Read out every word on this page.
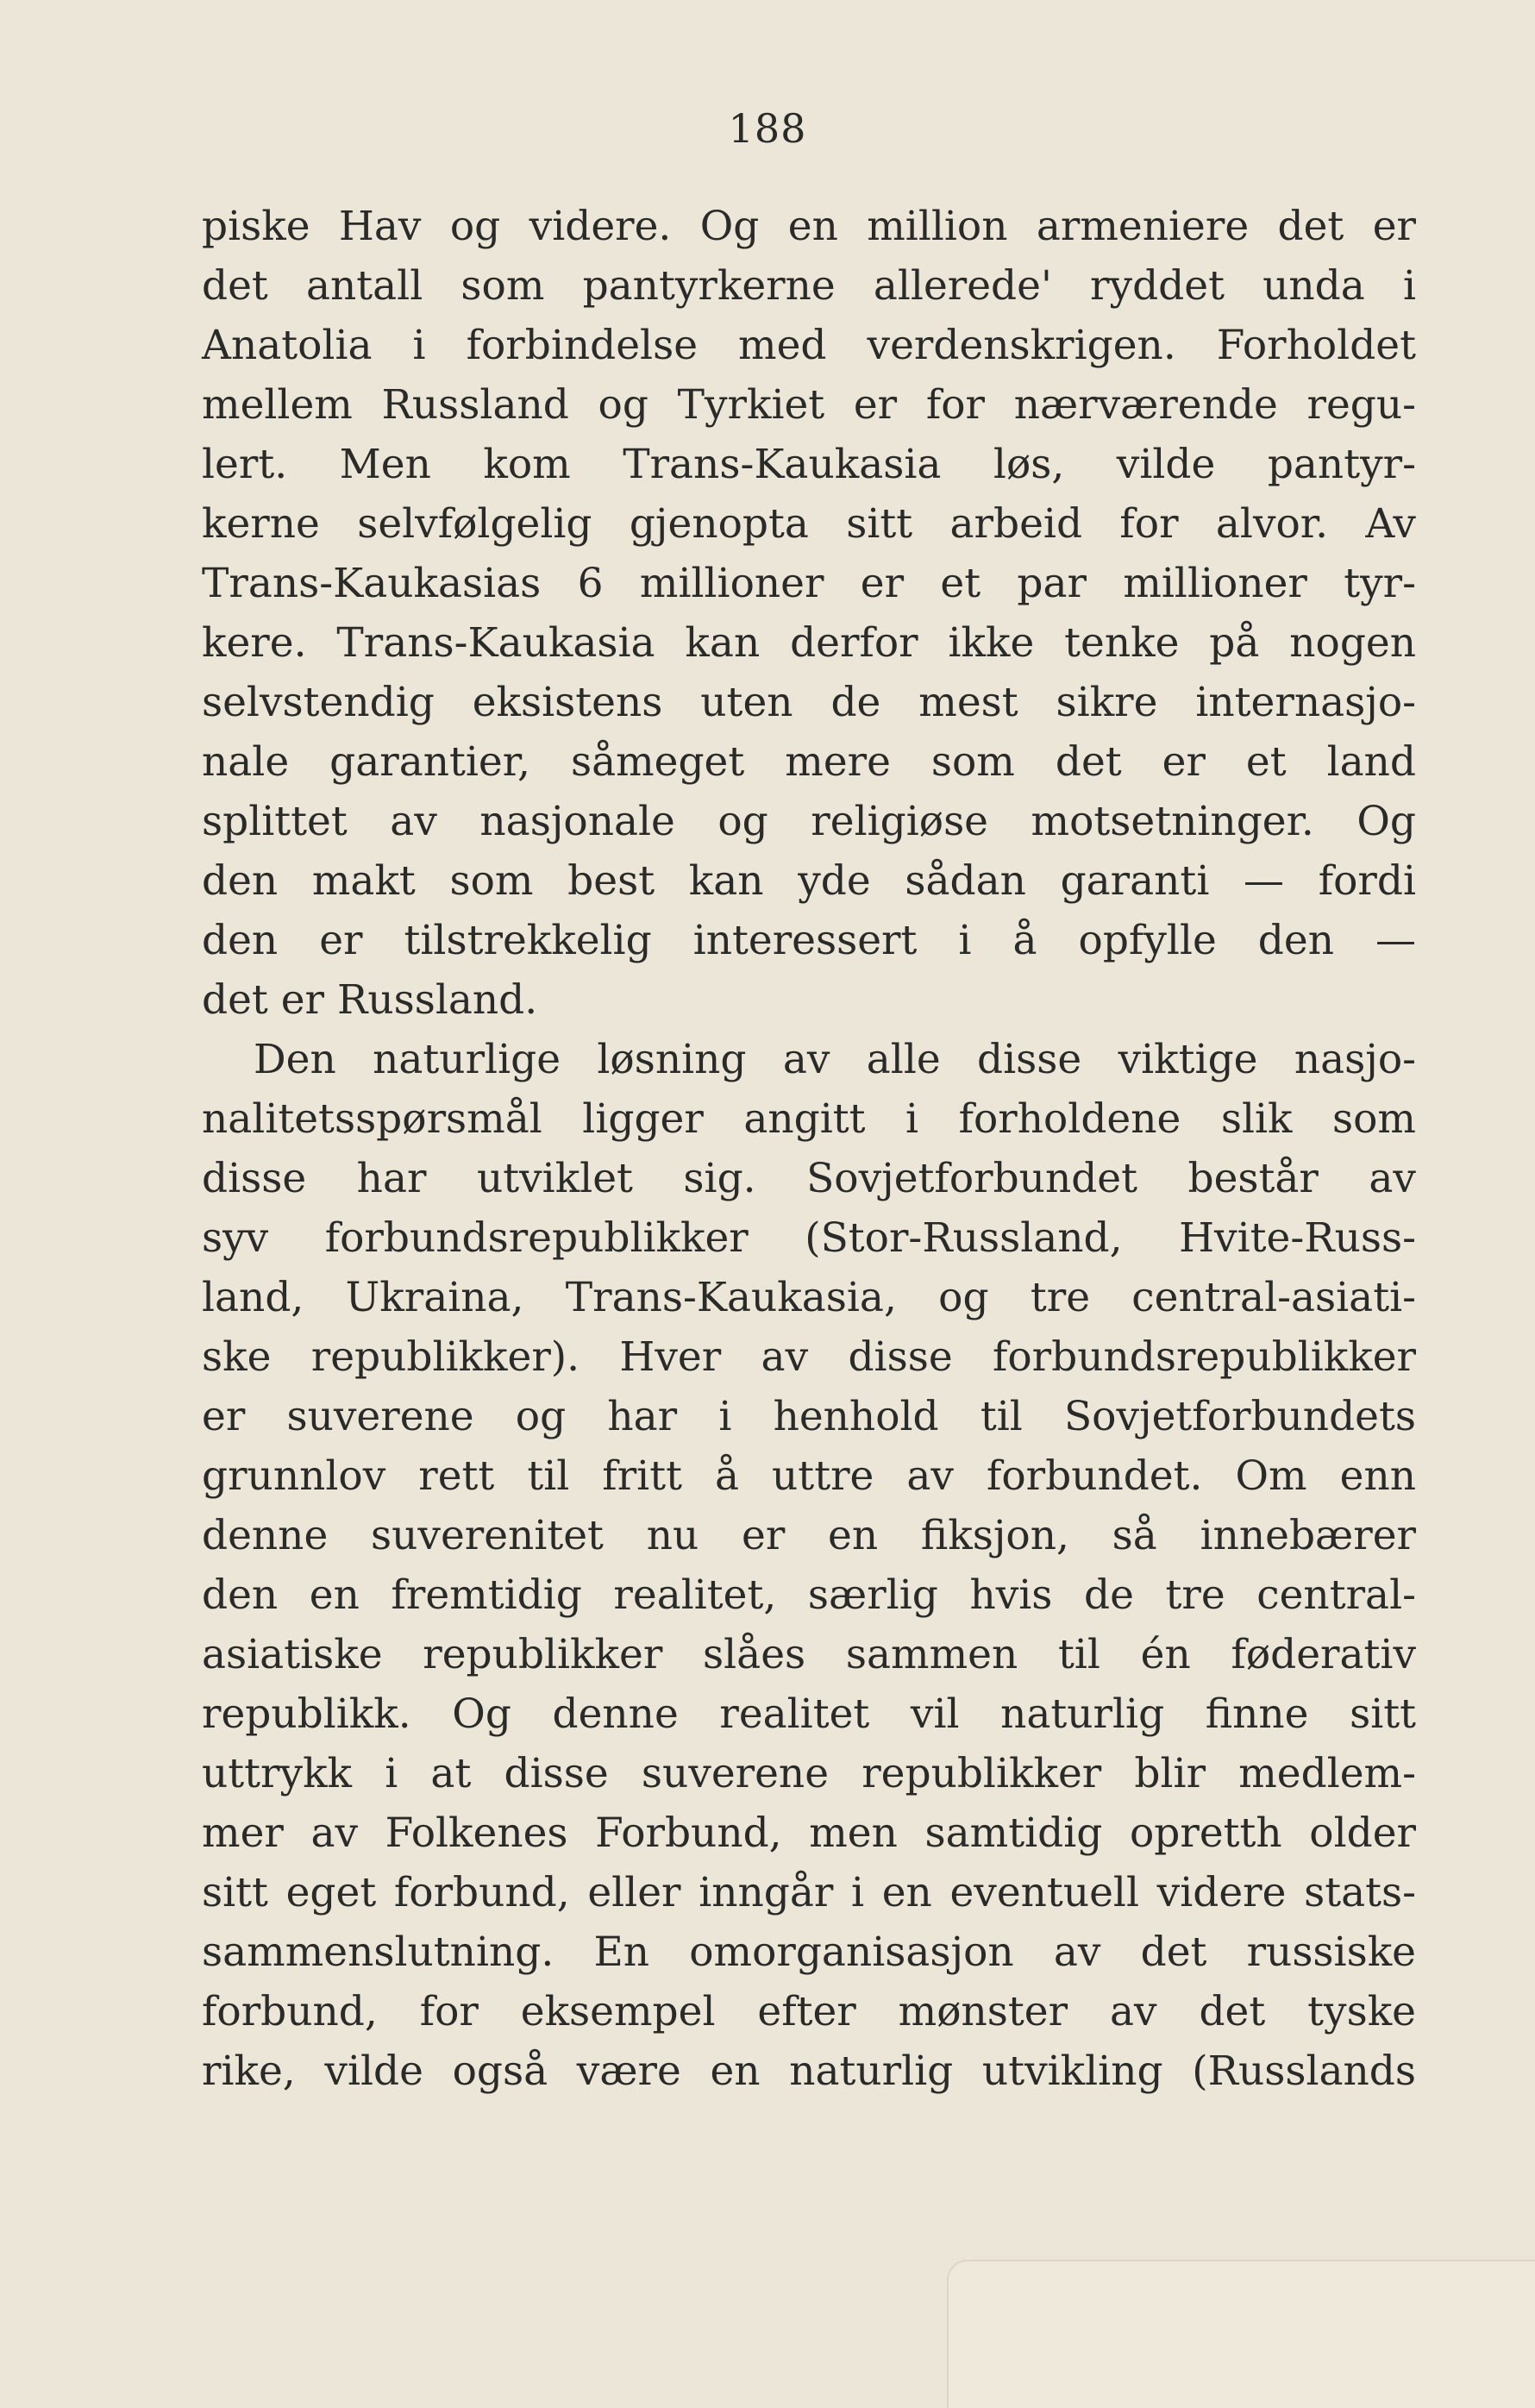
188
piske Hav og videre. Og en million armeniere det er
det antall som pantyrkerne allerede' ryddet unda i
Anatolia i forbindelse med verdenskrigen. Forholdet
mellem Russland og Tyrkiet er for nærværende regu-
lert. Men kom Trans-Kaukasia løs, vilde pantyr-
kerne selvfølgelig gjenopta sitt arbeid for alvor. Av
Trans-Kaukasias 6 millioner er et par millioner tyr-
kere. Trans-Kaukasia kan derfor ikke tenke på nogen
selvstendig eksistens uten de mest sikre internasjo-
nale garantier, såmeget mere som det er et land
splittet av nasjonale og religiøse motsetninger. Og
den makt som best kan yde sådan garanti — fordi
den er tilstrekkelig interessert i å opfylle den —
det er Russland.
Den naturlige løsning av alle disse viktige nasjo-
nalitetsspørsmål ligger angitt i forholdene slik som
disse har utviklet sig. Sovjetforbundet består av
syv forbundsrepublikker (Stor-Russland, Hvite-Russ-
land, Ukraina, Trans-Kaukasia, og tre central-asiati-
ske republikker). Hver av disse forbundsrepublikker
er suverene og har i henhold til Sovjetforbundets
grunnlov rett til fritt å uttre av forbundet. Om enn
denne suverenitet nu er en fiksjon, så innebærer
den en fremtidig realitet, særlig hvis de tre central-
asiatiske republikker slåes sammen til én føderativ
republikk. Og denne realitet vil naturlig finne sitt
uttrykk i at disse suverene republikker blir medlem-
mer av Folkenes Forbund, men samtidig opretth older
sitt eget forbund, eller inngår i en eventuell videre stats-
sammenslutning. En omorganisasjon av det russiske
forbund, for eksempel efter mønster av det tyske
rike, vilde også være en naturlig utvikling (Russlands
